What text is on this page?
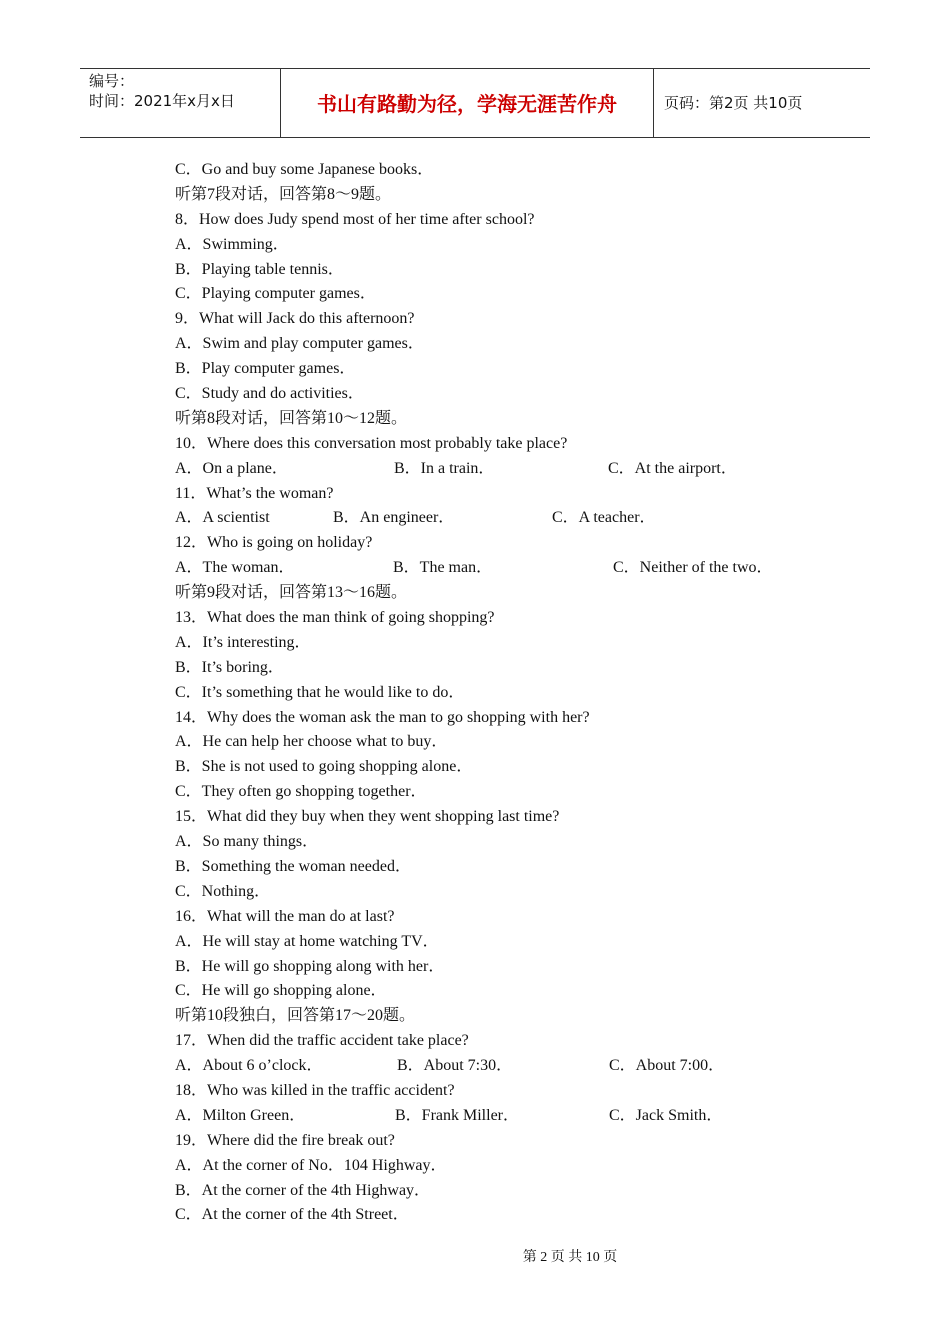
编号：
时间：2021年x月x日	书山有路勤为径，学海无涯苦作舟	页码：第2页 共10页
C．Go and buy some Japanese books．
听第7段对话，回答第8～9题。
8．How does Judy spend most of her time after school?
A．Swimming．
B．Playing table tennis．
C．Playing computer games．
9．What will Jack do this afternoon?
A．Swim and play computer games．
B．Play computer games．
C．Study and do activities．
听第8段对话，回答第10～12题。
10．Where does this conversation most probably take place?
A．On a plane．	B．In a train．	C．At the airport．
11．What’s the woman?
A．A scientist	B．An engineer．	C．A teacher．
12．Who is going on holiday?
A．The woman．	B．The man．	C．Neither of the two．
听第9段对话，回答第13～16题。
13．What does the man think of going shopping?
A．It’s interesting．
B．It’s boring．
C．It’s something that he would like to do．
14．Why does the woman ask the man to go shopping with her?
A．He can help her choose what to buy．
B．She is not used to going shopping alone．
C．They often go shopping together．
15．What did they buy when they went shopping last time?
A．So many things．
B．Something the woman needed．
C．Nothing．
16．What will the man do at last?
A．He will stay at home watching TV．
B．He will go shopping along with her．
C．He will go shopping alone．
听第10段独白，回答第17～20题。
17．When did the traffic accident take place?
A．About 6 o’clock．	B．About 7:30．	C．About 7:00．
18．Who was killed in the traffic accident?
A．Milton Green．	B．Frank Miller．	C．Jack Smith．
19．Where did the fire break out?
A．At the corner of No．104 Highway．
B．At the corner of the 4th Highway．
C．At the corner of the 4th Street．
第 2 页 共 10 页
